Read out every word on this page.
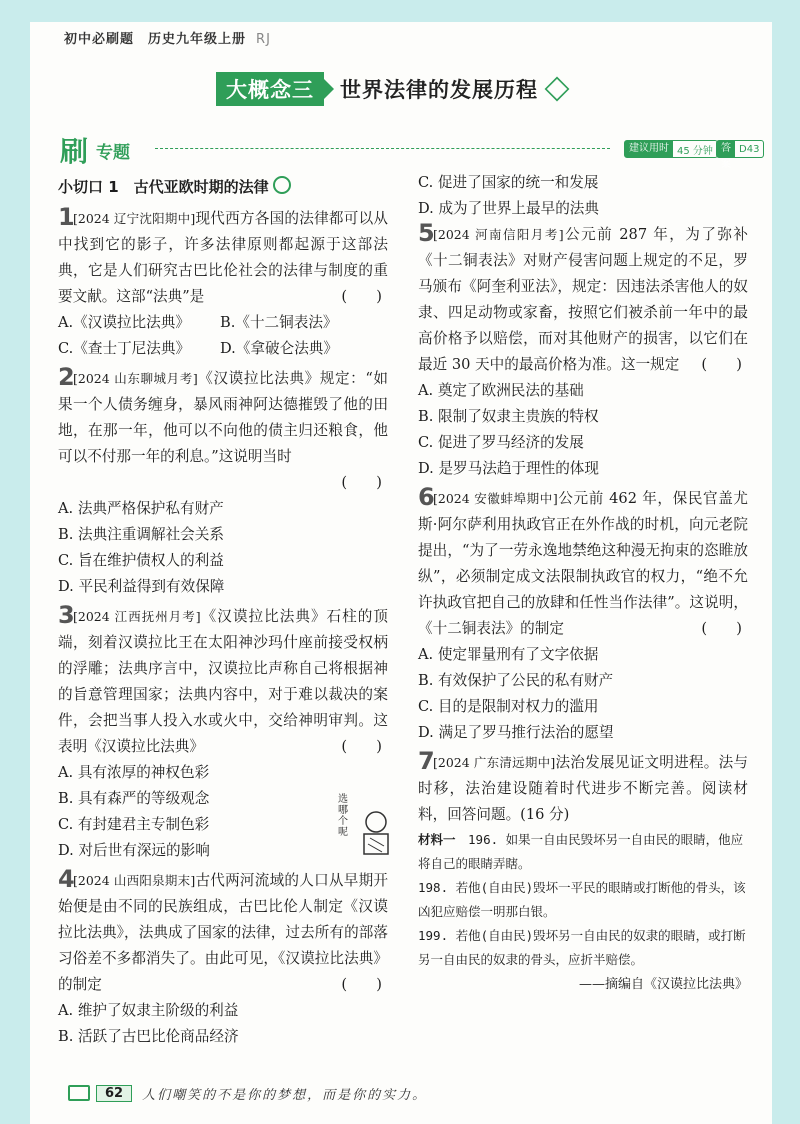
初中必刷题　 历史九年级上册 RJ
大概念三	世界法律的发展历程
刷 专题	建议用时 45 分钟 答案
D43
小切口 1　古代亚欧时期的法律
1
[2024 辽宁沈阳期中]现代西方各国的法律都可以从中找到它的影子，许多法律原则都起源于这部法典，它是人们研究古巴比伦社会的法律与制度的重要文献。这部“法典”是	(　　)
A.《汉谟拉比法典》	B.《十二铜表法》
C.《查士丁尼法典》	D.《拿破仑法典》
2
[2024 山东聊城月考]《汉谟拉比法典》规定：“如果一个人债务缠身，暴风雨神阿达德摧毁了他的田地，在那一年，他可以不向他的债主归还粮食，他可以不付那一年的利息。”这说明当时
(　　)

A. 法典严格保护私有财产
B. 法典注重调解社会关系
C. 旨在维护债权人的利益
D. 平民利益得到有效保障
3
[2024 江西抚州月考]《汉谟拉比法典》石柱的顶端，刻着汉谟拉比王在太阳神沙玛什座前接受权柄的浮雕；法典序言中，汉谟拉比声称自己将根据神的旨意管理国家；法典内容中，对于难以裁决的案件，会把当事人投入水或火中，交给神明审判。这表明《汉谟拉比法典》	(　　)
A. 具有浓厚的神权色彩
B. 具有森严的等级观念
C. 有封建君主专制色彩
D. 对后世有深远的影响
4
[2024 山西阳泉期末]古代两河流域的人口从早期开始便是由不同的民族组成，古巴比伦人制定《汉谟拉比法典》，法典成了国家的法律，过去所有的部落习俗差不多都消失了。由此可见，《汉谟拉比法典》的制定	(　　)
A. 维护了奴隶主阶级的利益
B. 活跃了古巴比伦商品经济
选哪个呢
C. 促进了国家的统一和发展
D. 成为了世界上最早的法典
5
[2024 河南信阳月考]公元前 287 年，为了弥补《十二铜表法》对财产侵害问题上规定的不足，罗马颁布《阿奎利亚法》，规定：因违法杀害他人的奴隶、四足动物或家畜，按照它们被杀前一年中的最高价格予以赔偿，而对其他财产的损害，以它们在最近 30 天中的最高价格为准。这一规定	(　　)
A. 奠定了欧洲民法的基础
B. 限制了奴隶主贵族的特权
C. 促进了罗马经济的发展
D. 是罗马法趋于理性的体现
6
[2024 安徽蚌埠期中]公元前 462 年，保民官盖尤斯·阿尔萨利用执政官正在外作战的时机，向元老院提出，“为了一劳永逸地禁绝这种漫无拘束的恣睢放纵”，必须制定成文法限制执政官的权力，“绝不允许执政官把自己的放肆和任性当作法律”。这说明，《十二铜表法》的制定	(　　)
A. 使定罪量刑有了文字依据
B. 有效保护了公民的私有财产
C. 目的是限制对权力的滥用
D. 满足了罗马推行法治的愿望
7
[2024 广东清远期中]法治发展见证文明进程。法与时移，法治建设随着时代进步不断完善。阅读材料，回答问题。(16 分)
材料一　 196. 如果一自由民毁坏另一自由民的眼睛，他应将自己的眼睛弄瞎。
198. 若他(自由民)毁坏一平民的眼睛或打断他的骨头，该凶犯应赔偿一明那白银。
199. 若他(自由民)毁坏另一自由民的奴隶的眼睛，或打断另一自由民的奴隶的骨头，应折半赔偿。
——摘编自《汉谟拉比法典》
62	人们嘲笑的不是你的梦想，而是你的实力。
